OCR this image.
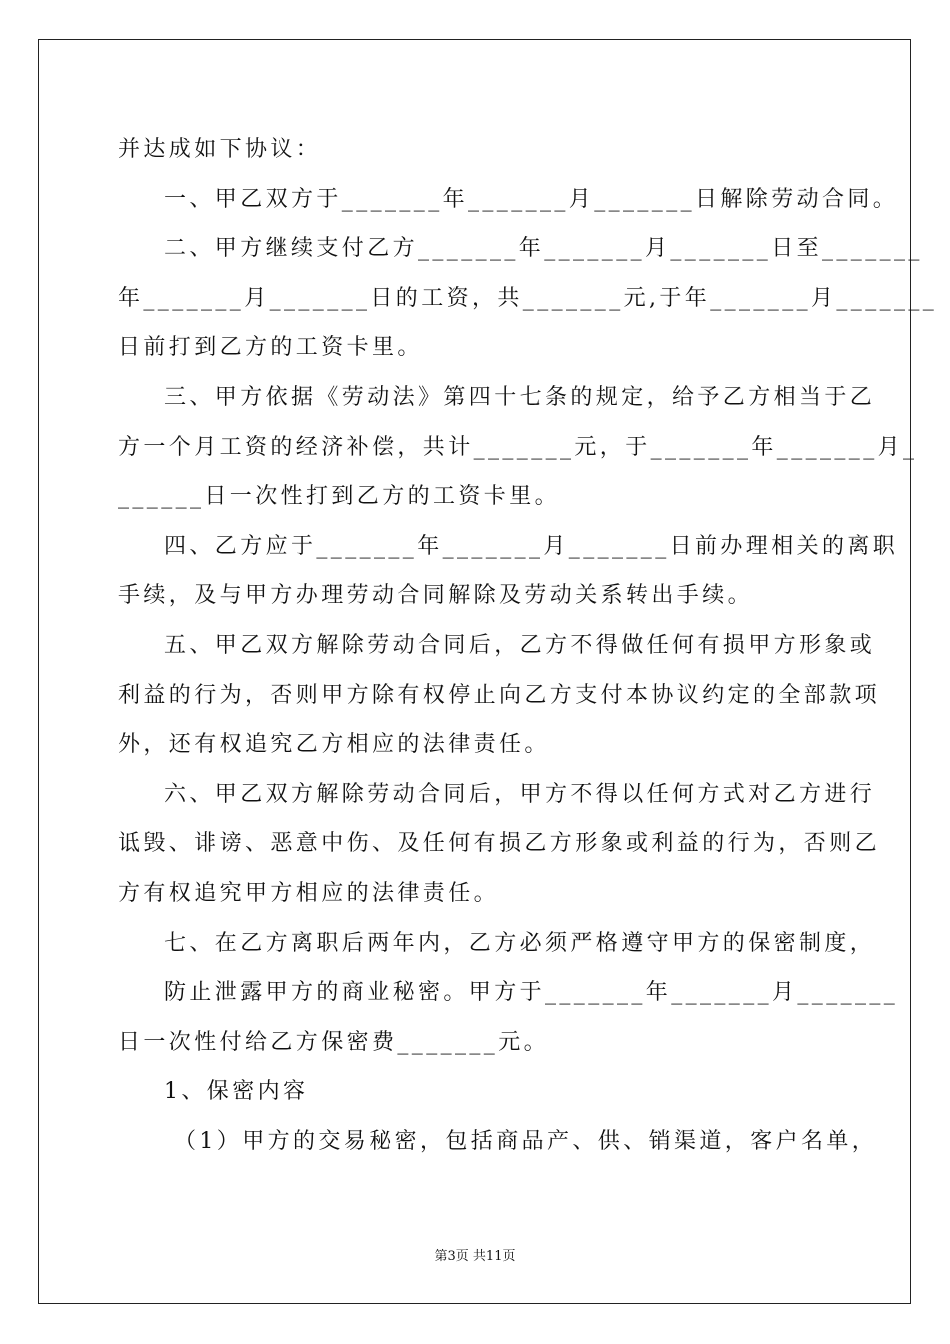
并达成如下协议：

一、甲乙双方于_______年_______月_______日解除劳动合同。

二、甲方继续支付乙方_______年_______月_______日至_______

年_______月_______日的工资，共_______元,于年_______月_______

日前打到乙方的工资卡里。

三、甲方依据《劳动法》第四十七条的规定，给予乙方相当于乙

方一个月工资的经济补偿，共计_______元，于_______年_______月_

______日一次性打到乙方的工资卡里。

四、乙方应于_______年_______月_______日前办理相关的离职

手续，及与甲方办理劳动合同解除及劳动关系转出手续。

五、甲乙双方解除劳动合同后，乙方不得做任何有损甲方形象或

利益的行为，否则甲方除有权停止向乙方支付本协议约定的全部款项

外，还有权追究乙方相应的法律责任。

六、甲乙双方解除劳动合同后，甲方不得以任何方式对乙方进行

诋毁、诽谤、恶意中伤、及任何有损乙方形象或利益的行为，否则乙

方有权追究甲方相应的法律责任。

七、在乙方离职后两年内，乙方必须严格遵守甲方的保密制度，

防止泄露甲方的商业秘密。甲方于_______年_______月_______

日一次性付给乙方保密费_______元。

1、保密内容

（1）甲方的交易秘密，包括商品产、供、销渠道，客户名单，

第3页 共11页
